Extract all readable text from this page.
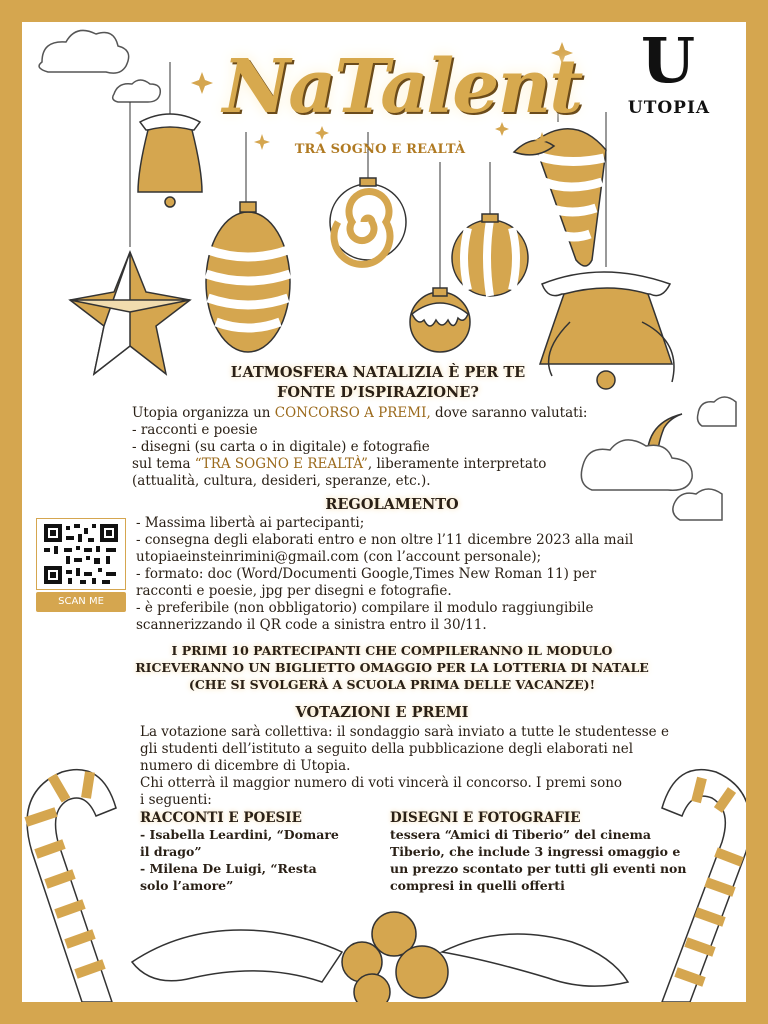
NaTalent
TRA SOGNO E REALTÀ
U
UTOPIA
L’ATMOSFERA NATALIZIA È PER TE
FONTE D’ISPIRAZIONE?
Utopia organizza un CONCORSO A PREMI, dove saranno valutati:
- racconti e poesie
- disegni (su carta o in digitale) e fotografie
sul tema “TRA SOGNO E REALTÀ”, liberamente interpretato
(attualità, cultura, desideri, speranze, etc.).
REGOLAMENTO
- Massima libertà ai partecipanti;
- consegna degli elaborati entro e non oltre l’11 dicembre 2023 alla mail
utopiaeinsteinrimini@gmail.com (con l’account personale);
- formato: doc (Word/Documenti Google,Times New Roman 11) per
racconti e poesie, jpg per disegni e fotografie.
- è preferibile (non obbligatorio) compilare il modulo raggiungibile
scannerizzando il QR code a sinistra entro il 30/11.
SCAN ME
I PRIMI 10 PARTECIPANTI CHE COMPILERANNO IL MODULO
RICEVERANNO UN BIGLIETTO OMAGGIO PER LA LOTTERIA DI NATALE
(CHE SI SVOLGERÀ A SCUOLA PRIMA DELLE VACANZE)!
VOTAZIONI E PREMI
La votazione sarà collettiva: il sondaggio sarà inviato a tutte le studentesse e
gli studenti dell’istituto a seguito della pubblicazione degli elaborati nel
numero di dicembre di Utopia.
Chi otterrà il maggior numero di voti vincerà il concorso. I premi sono
i seguenti:
RACCONTI E POESIE
- Isabella Leardini, “Domare
il drago”
- Milena De Luigi, “Resta
solo l’amore”
DISEGNI E FOTOGRAFIE
tessera “Amici di Tiberio” del cinema
Tiberio, che include 3 ingressi omaggio e
un prezzo scontato per tutti gli eventi non
compresi in quelli offerti
